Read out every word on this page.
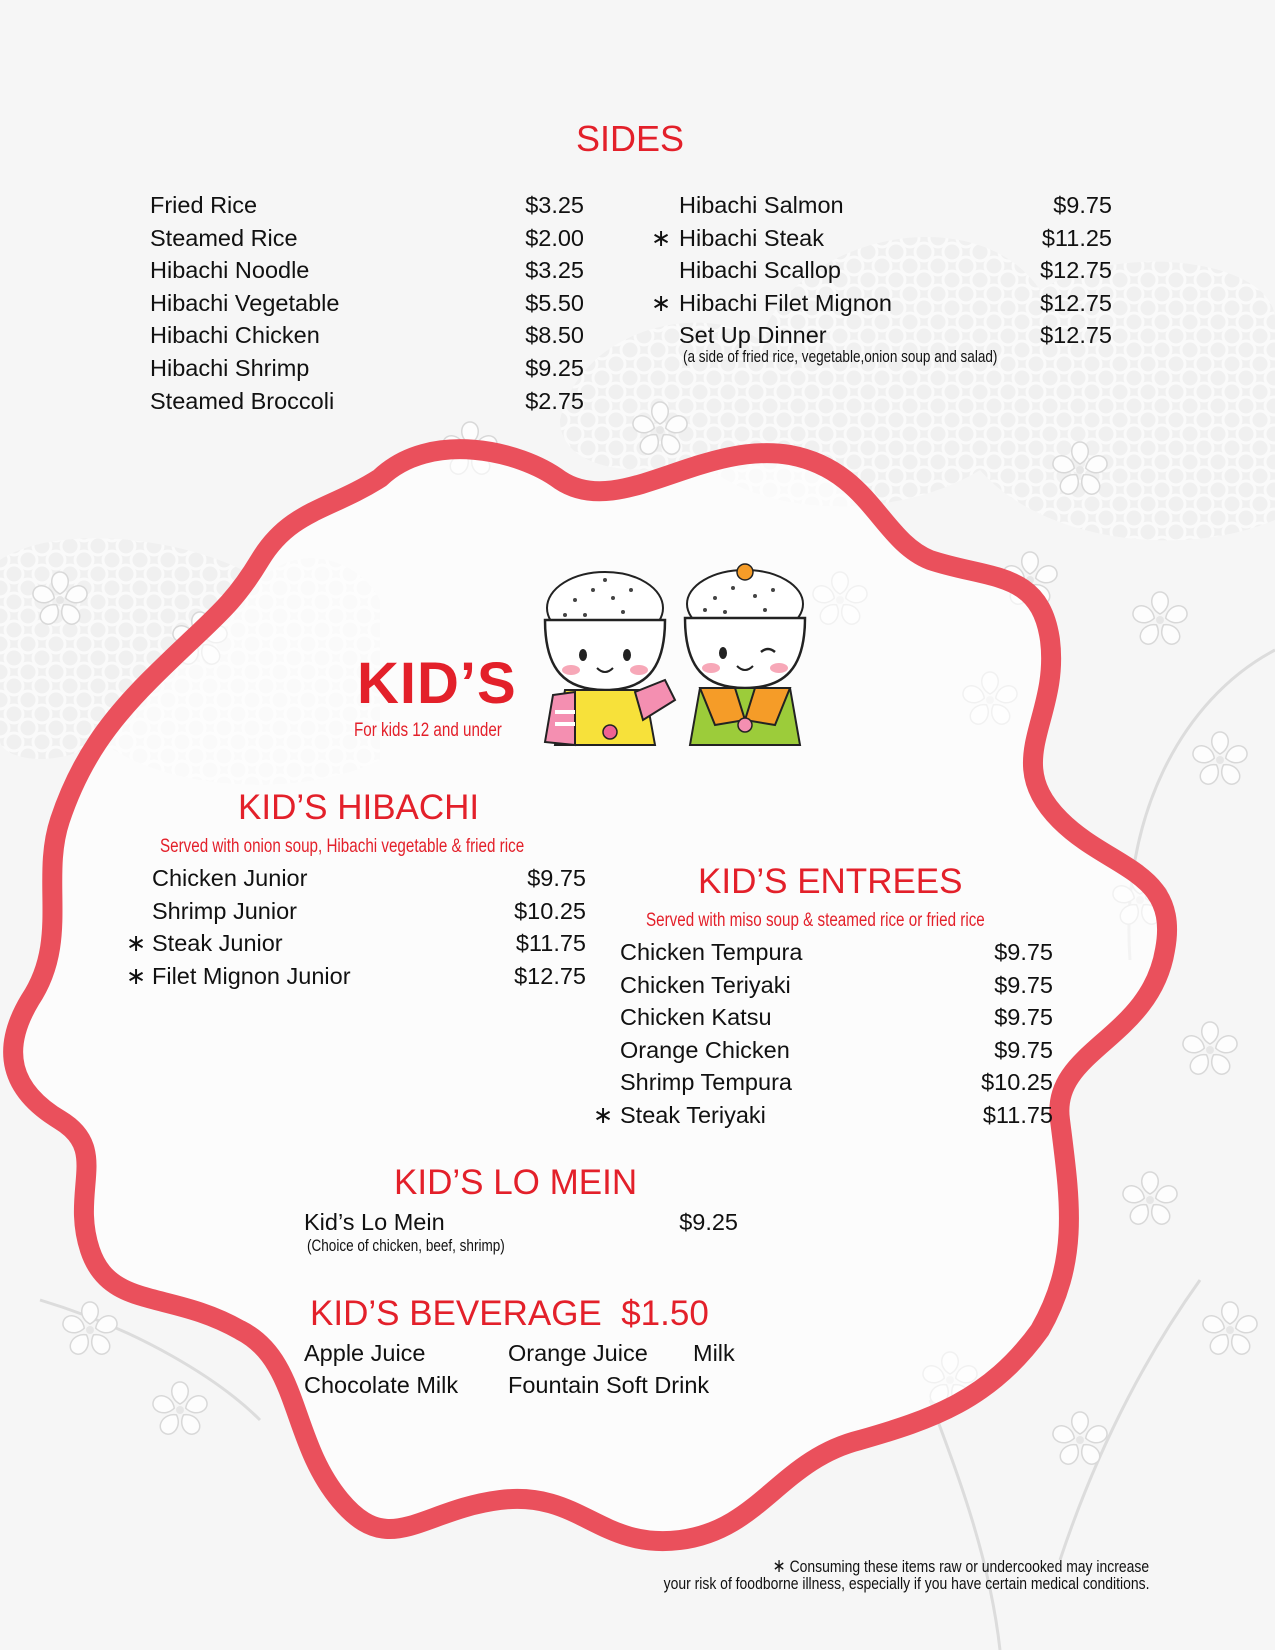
SIDES
Fried Rice	$3.25
Steamed Rice	$2.00
Hibachi Noodle	$3.25
Hibachi Vegetable	$5.50
Hibachi Chicken	$8.50
Hibachi Shrimp	$9.25
Steamed Broccoli	$2.75
Hibachi Salmon	$9.75
Hibachi Steak	$11.25
∗
Hibachi Scallop	$12.75
Hibachi Filet Mignon	$12.75
∗
Set Up Dinner	$12.75
(a side of fried rice, vegetable,onion soup and salad)
KID’S
For kids 12 and under
KID’S HIBACHI
Served with onion soup, Hibachi vegetable & fried rice
Chicken Junior	$9.75
Shrimp Junior	$10.25
Steak Junior	$11.75
∗
Filet Mignon Junior	$12.75
∗
KID’S ENTREES
Served with miso soup & steamed rice or fried rice
Chicken Tempura	$9.75
Chicken Teriyaki	$9.75
Chicken Katsu	$9.75
Orange Chicken	$9.75
Shrimp Tempura	$10.25
Steak Teriyaki	$11.75
∗
KID’S LO MEIN
Kid’s Lo Mein	$9.25
(Choice of chicken, beef, shrimp)
KID’S BEVERAGE $1.50
Apple Juice	Orange Juice Milk
Chocolate Milk Fountain Soft Drink
∗ Consuming these items raw or undercooked may increase
your risk of foodborne illness, especially if you have certain medical conditions.
